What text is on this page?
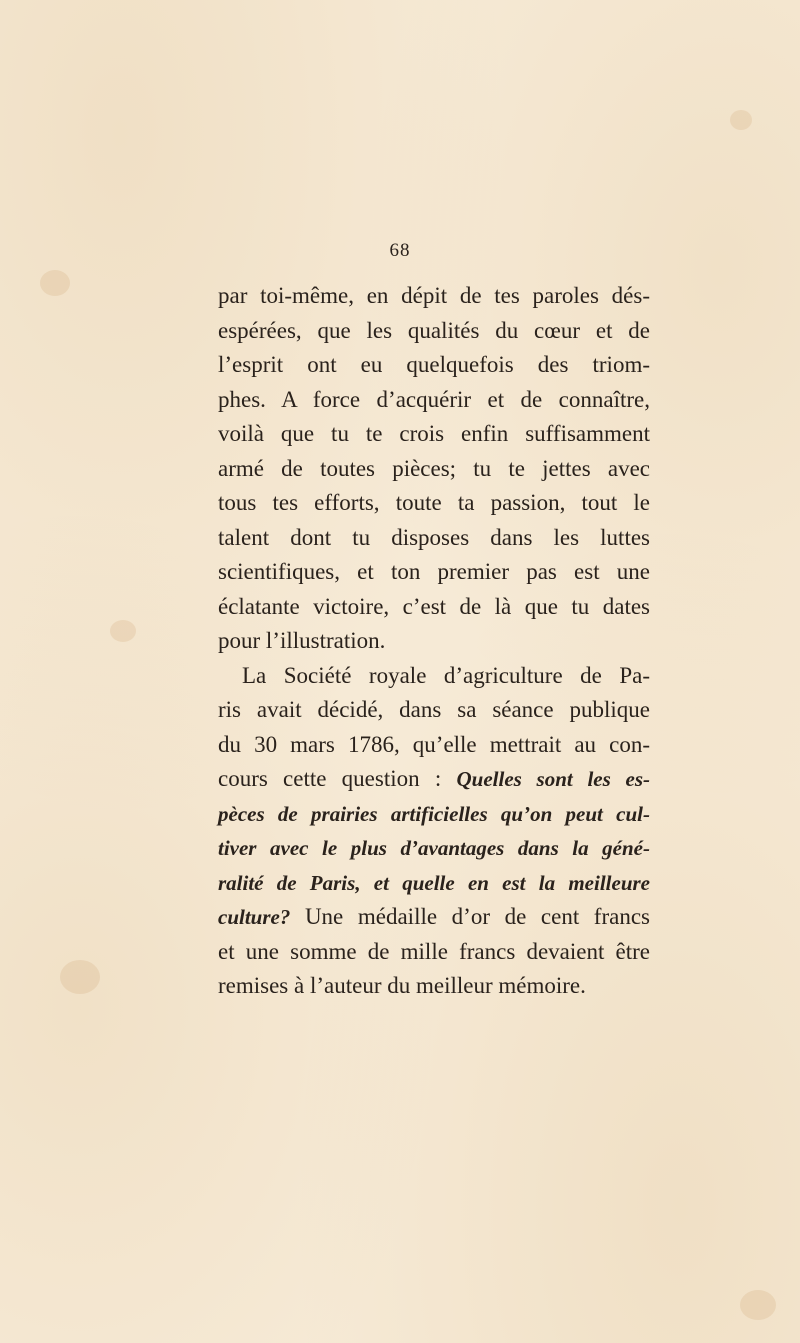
68
par toi-même, en dépit de tes paroles dés-
espérées, que les qualités du cœur et de
l’esprit ont eu quelquefois des triom-
phes. A force d’acquérir et de connaître,
voilà que tu te crois enfin suffisamment
armé de toutes pièces; tu te jettes avec
tous tes efforts, toute ta passion, tout le
talent dont tu disposes dans les luttes
scientifiques, et ton premier pas est une
éclatante victoire, c’est de là que tu dates
pour l’illustration.
La Société royale d’agriculture de Pa-
ris avait décidé, dans sa séance publique
du 30 mars 1786, qu’elle mettrait au con-
cours cette question : Quelles sont les es-
pèces de prairies artificielles qu’on peut cul-
tiver avec le plus d’avantages dans la géné-
ralité de Paris, et quelle en est la meilleure
culture? Une médaille d’or de cent francs
et une somme de mille francs devaient être
remises à l’auteur du meilleur mémoire.
